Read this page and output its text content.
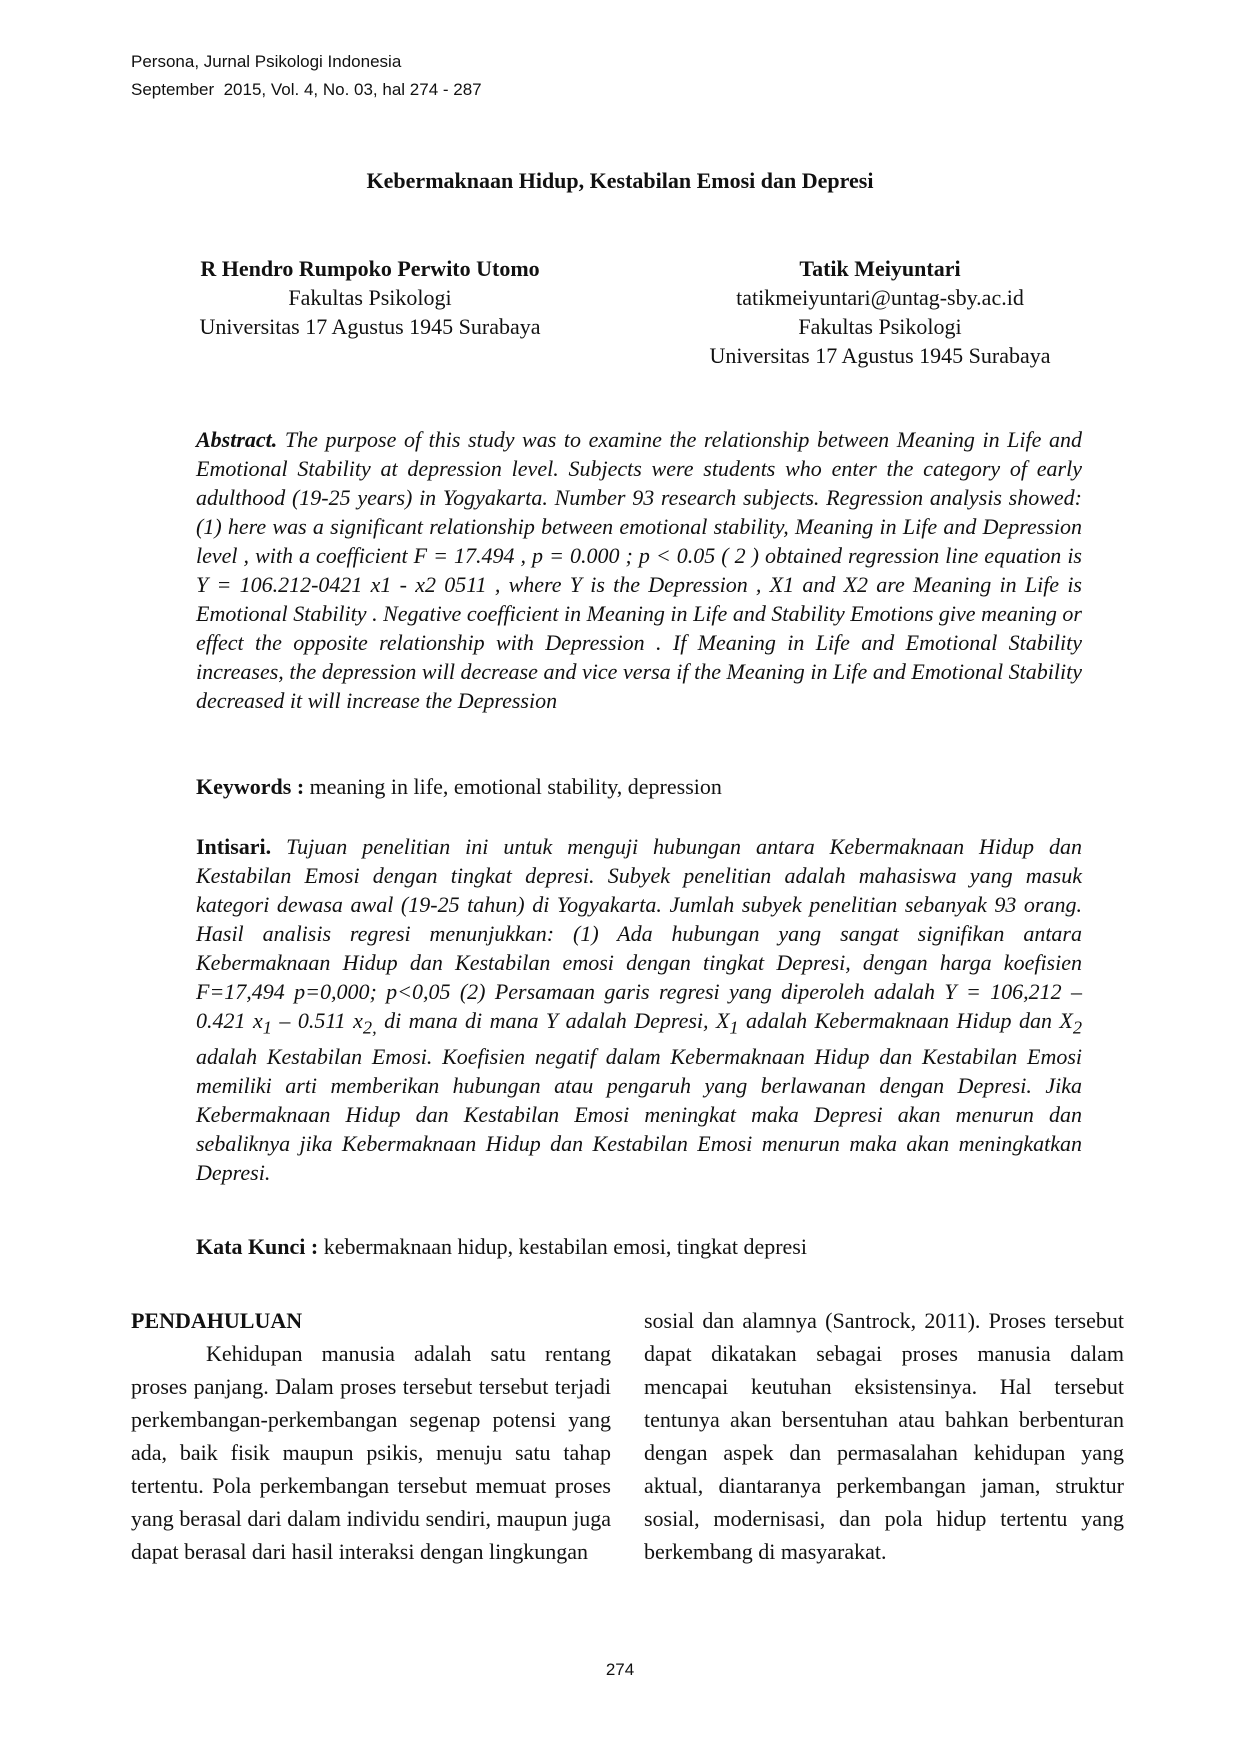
Persona, Jurnal Psikologi Indonesia
September  2015, Vol. 4, No. 03, hal 274 - 287
Kebermaknaan Hidup, Kestabilan Emosi dan Depresi
R Hendro Rumpoko Perwito Utomo
Fakultas Psikologi
Universitas 17 Agustus 1945 Surabaya
Tatik Meiyuntari
tatikmeiyuntari@untag-sby.ac.id
Fakultas Psikologi
Universitas 17 Agustus 1945 Surabaya
Abstract. The purpose of this study was to examine the relationship between Meaning in Life and Emotional Stability at depression level. Subjects were students who enter the category of early adulthood (19-25 years) in Yogyakarta. Number 93 research subjects. Regression analysis showed: (1) here was a significant relationship between emotional stability, Meaning in Life and Depression level , with a coefficient F = 17.494 , p = 0.000 ; p < 0.05 ( 2 ) obtained regression line equation is Y = 106.212-0421 x1 - x2 0511 , where Y is the Depression , X1 and X2 are Meaning in Life is Emotional Stability . Negative coefficient in Meaning in Life and Stability Emotions give meaning or effect the opposite relationship with Depression . If Meaning in Life and Emotional Stability increases, the depression will decrease and vice versa if the Meaning in Life and Emotional Stability decreased it will increase the Depression
Keywords : meaning in life, emotional stability, depression
Intisari. Tujuan penelitian ini untuk menguji hubungan antara Kebermaknaan Hidup dan Kestabilan Emosi dengan tingkat depresi. Subyek penelitian adalah mahasiswa yang masuk kategori dewasa awal (19-25 tahun) di Yogyakarta. Jumlah subyek penelitian sebanyak 93 orang. Hasil analisis regresi menunjukkan: (1) Ada hubungan yang sangat signifikan antara Kebermaknaan Hidup dan Kestabilan emosi dengan tingkat Depresi, dengan harga koefisien F=17,494 p=0,000; p<0,05 (2) Persamaan garis regresi yang diperoleh adalah Y = 106,212 – 0.421 $x_1 - 0.511$ $x_{2,}$ di mana di mana Y adalah Depresi, $X_1$ adalah Kebermaknaan Hidup dan $X_2$ adalah Kestabilan Emosi. Koefisien negatif dalam Kebermaknaan Hidup dan Kestabilan Emosi memiliki arti memberikan hubungan atau pengaruh yang berlawanan dengan Depresi. Jika Kebermaknaan Hidup dan Kestabilan Emosi meningkat maka Depresi akan menurun dan sebaliknya jika Kebermaknaan Hidup dan Kestabilan Emosi menurun maka akan meningkatkan Depresi.
Kata Kunci : kebermaknaan hidup, kestabilan emosi, tingkat depresi
PENDAHULUAN
Kehidupan manusia adalah satu rentang proses panjang. Dalam proses tersebut tersebut terjadi perkembangan-perkembangan segenap potensi yang ada, baik fisik maupun psikis, menuju satu tahap tertentu. Pola perkembangan tersebut memuat proses yang berasal dari dalam individu sendiri, maupun juga dapat berasal dari hasil interaksi dengan lingkungan
sosial dan alamnya (Santrock, 2011). Proses tersebut dapat dikatakan sebagai proses manusia dalam mencapai keutuhan eksistensinya. Hal tersebut tentunya akan bersentuhan atau bahkan berbenturan dengan aspek dan permasalahan kehidupan yang aktual, diantaranya perkembangan jaman, struktur sosial, modernisasi, dan pola hidup tertentu yang berkembang di masyarakat.
274
